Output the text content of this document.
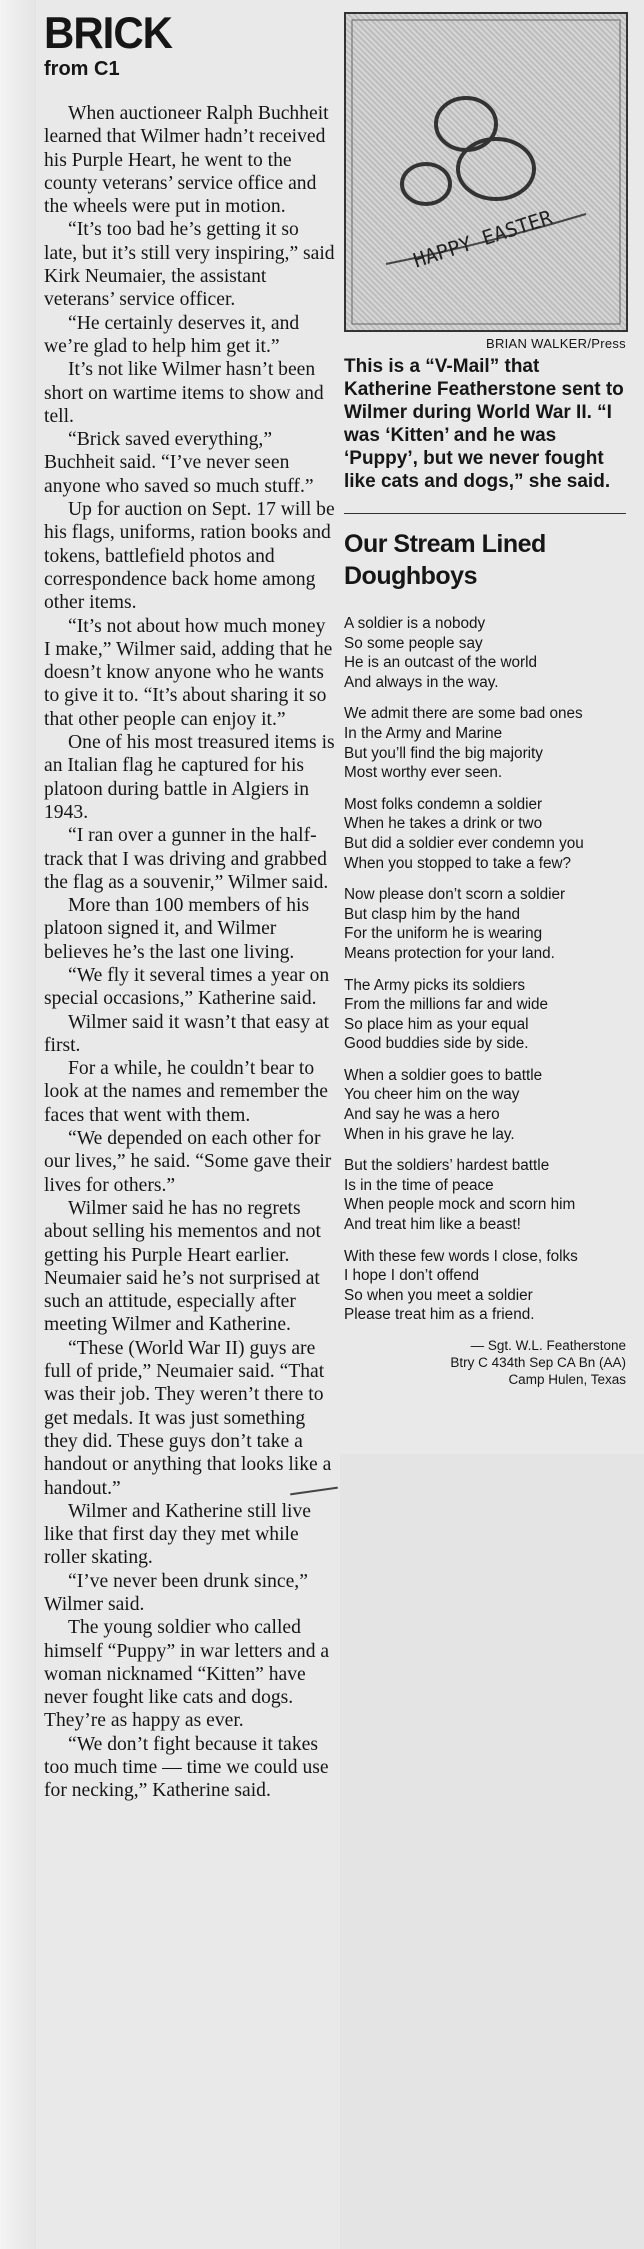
BRICK
from C1

When auctioneer Ralph Buchheit learned that Wilmer hadn’t received his Purple Heart, he went to the county veterans’ service office and the wheels were put in motion.

“It’s too bad he’s getting it so late, but it’s still very inspiring,” said Kirk Neumaier, the assistant veterans’ service officer.

“He certainly deserves it, and we’re glad to help him get it.”

It’s not like Wilmer hasn’t been short on wartime items to show and tell.

“Brick saved everything,” Buchheit said. “I’ve never seen anyone who saved so much stuff.”

Up for auction on Sept. 17 will be his flags, uniforms, ration books and tokens, battlefield photos and correspondence back home among other items.

“It’s not about how much money I make,” Wilmer said, adding that he doesn’t know anyone who he wants to give it to. “It’s about sharing it so that other people can enjoy it.”

One of his most treasured items is an Italian flag he captured for his platoon during battle in Algiers in 1943.

“I ran over a gunner in the half-track that I was driving and grabbed the flag as a souvenir,” Wilmer said.

More than 100 members of his platoon signed it, and Wilmer believes he’s the last one living.

“We fly it several times a year on special occasions,” Katherine said.

Wilmer said it wasn’t that easy at first.

For a while, he couldn’t bear to look at the names and remember the faces that went with them.

“We depended on each other for our lives,” he said. “Some gave their lives for others.”

Wilmer said he has no regrets about selling his mementos and not getting his Purple Heart earlier. Neumaier said he’s not surprised at such an attitude, especially after meeting Wilmer and Katherine.

“These (World War II) guys are full of pride,” Neumaier said. “That was their job. They weren’t there to get medals. It was just something they did. These guys don’t take a handout or anything that looks like a handout.”

Wilmer and Katherine still live like that first day they met while roller skating.

“I’ve never been drunk since,” Wilmer said.

The young soldier who called himself “Puppy” in war letters and a woman nicknamed “Kitten” have never fought like cats and dogs. They’re as happy as ever.

“We don’t fight because it takes too much time — time we could use for necking,” Katherine said.

HAPPY EASTER
BRIAN WALKER/Press

This is a “V-Mail” that Katherine Featherstone sent to Wilmer during World War II. “I was ‘Kitten’ and he was ‘Puppy’, but we never fought like cats and dogs,” she said.

Our Stream Lined Doughboys
A soldier is a nobody
So some people say
He is an outcast of the world
And always in the way.
We admit there are some bad ones
In the Army and Marine
But you’ll find the big majority
Most worthy ever seen.
Most folks condemn a soldier
When he takes a drink or two
But did a soldier ever condemn you
When you stopped to take a few?
Now please don’t scorn a soldier
But clasp him by the hand
For the uniform he is wearing
Means protection for your land.
The Army picks its soldiers
From the millions far and wide
So place him as your equal
Good buddies side by side.
When a soldier goes to battle
You cheer him on the way
And say he was a hero
When in his grave he lay.
But the soldiers’ hardest battle
Is in the time of peace
When people mock and scorn him
And treat him like a beast!
With these few words I close, folks
I hope I don’t offend
So when you meet a soldier
Please treat him as a friend.
— Sgt. W.L. Featherstone
Btry C 434th Sep CA Bn (AA)
Camp Hulen, Texas
